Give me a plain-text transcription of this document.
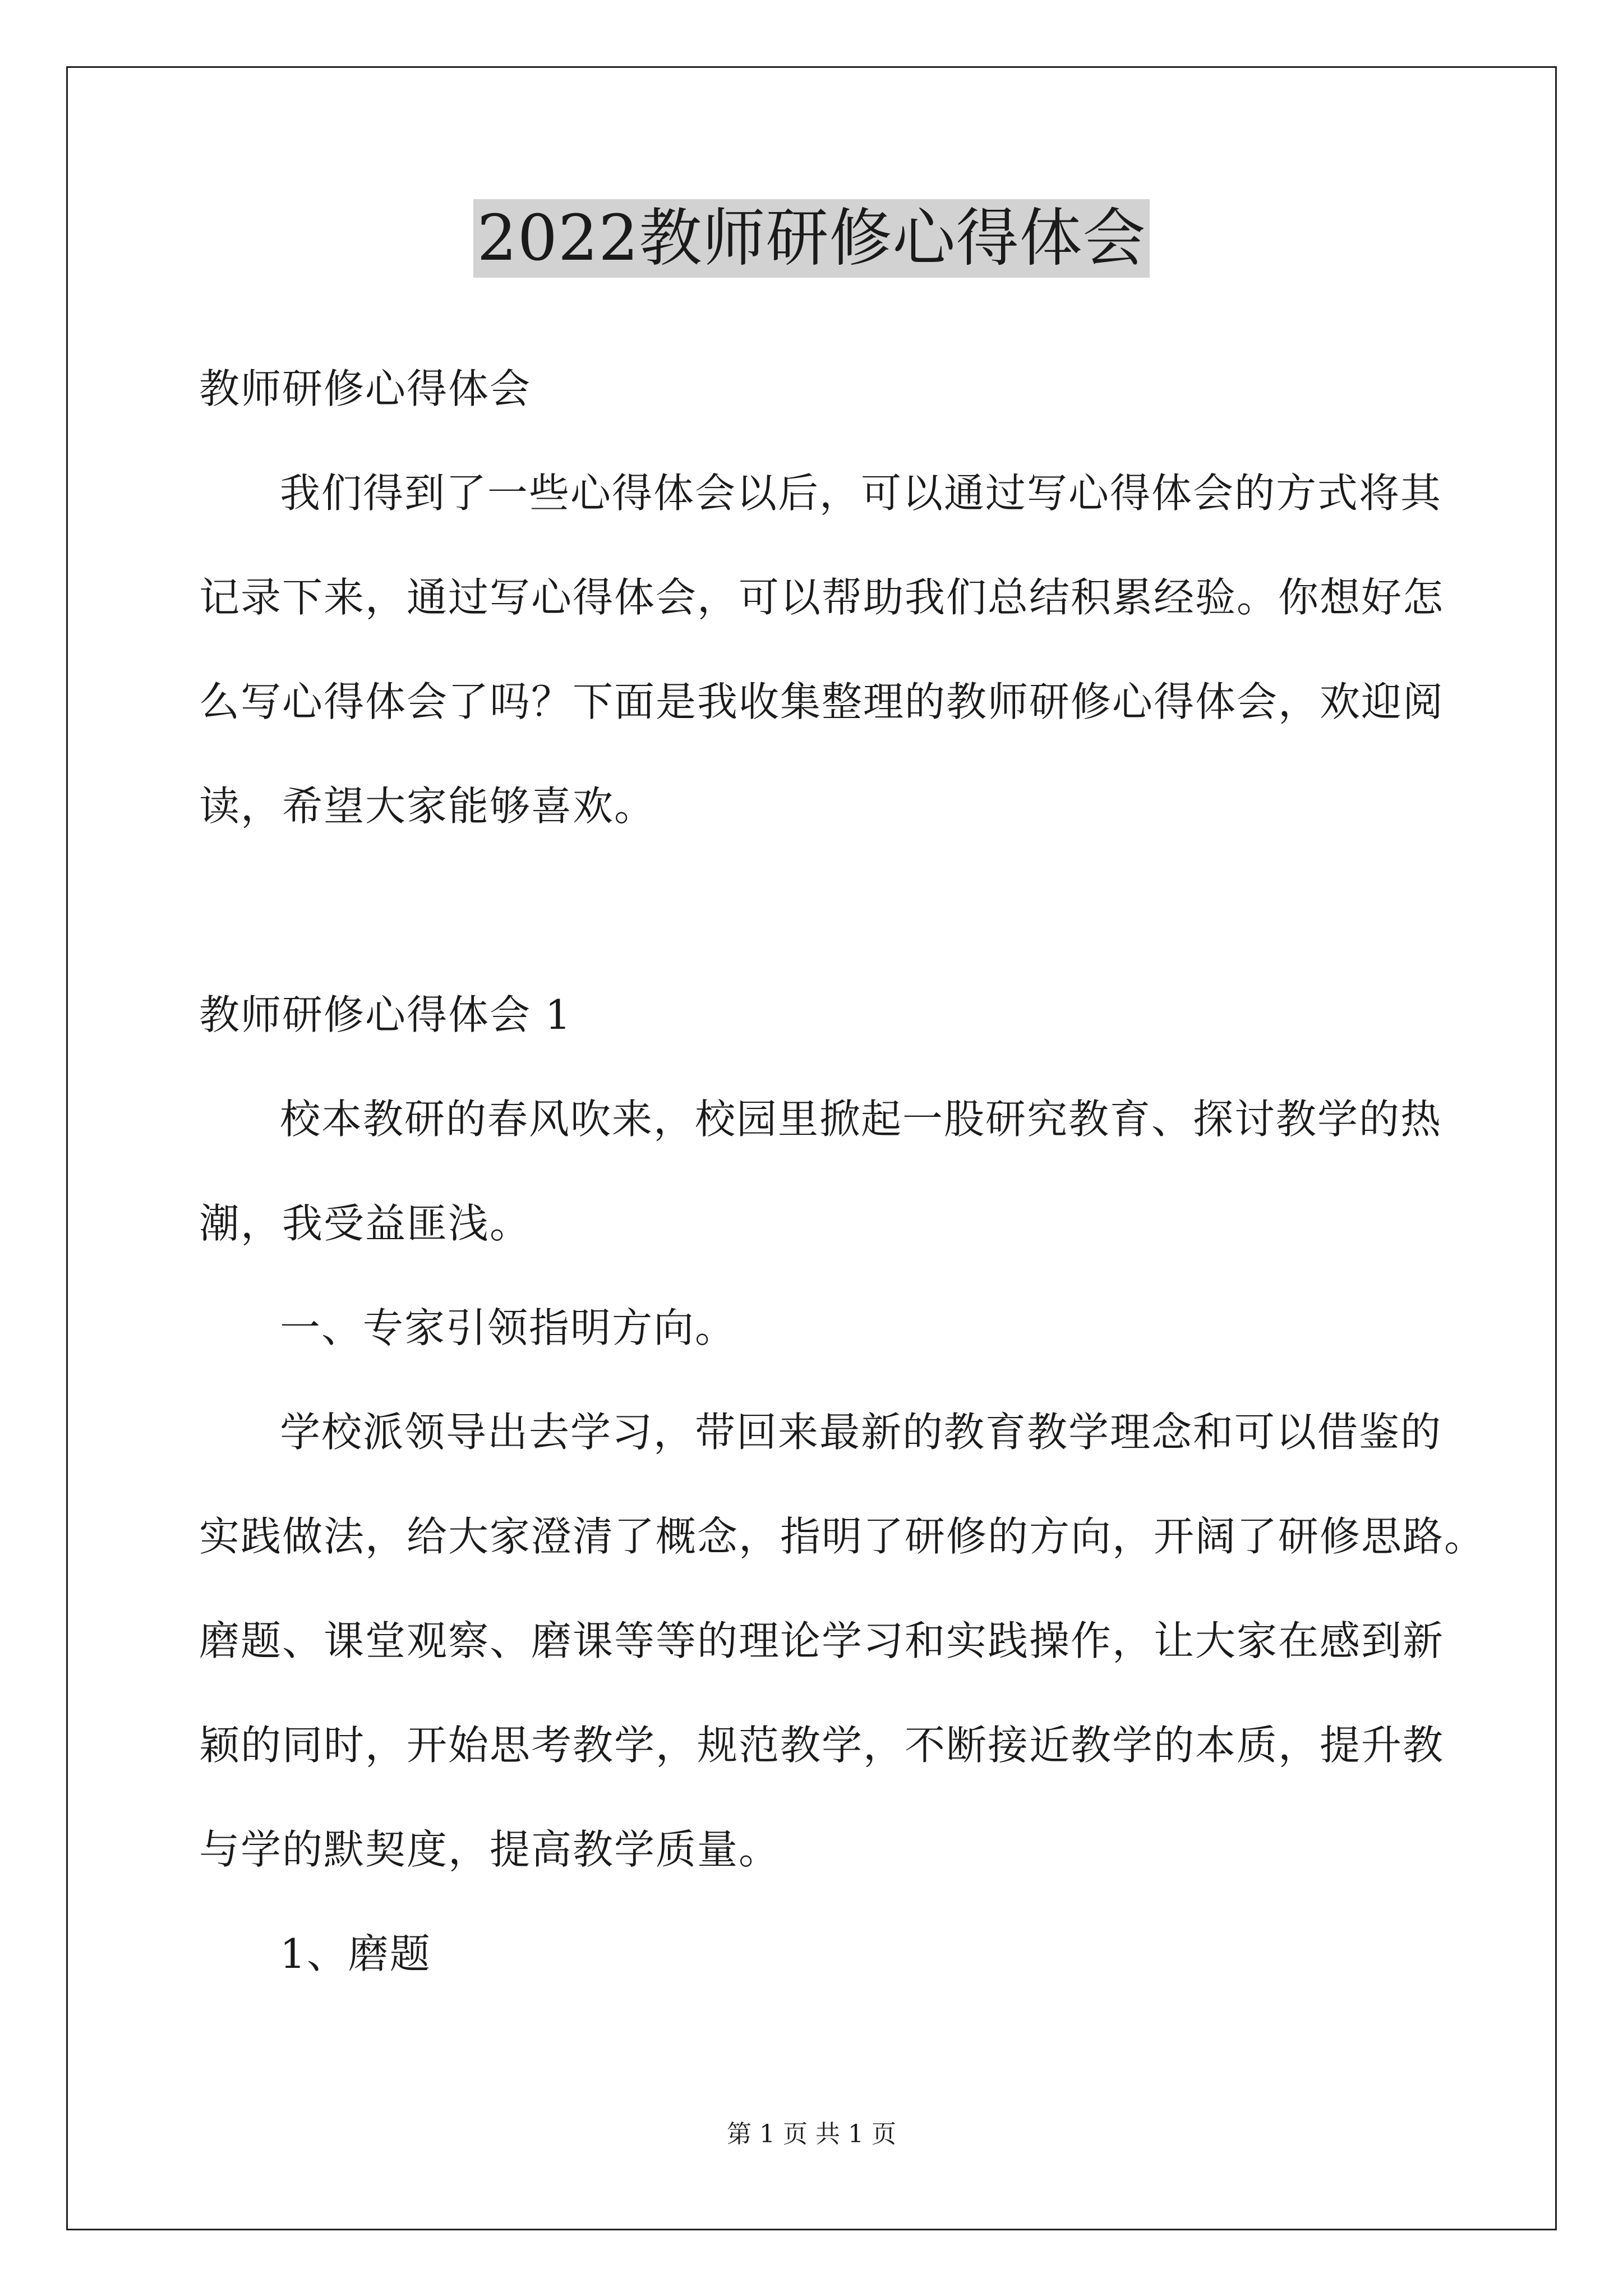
2022教师研修心得体会

教师研修心得体会

我们得到了一些心得体会以后，可以通过写心得体会的方式将其

记录下来，通过写心得体会，可以帮助我们总结积累经验。你想好怎

么写心得体会了吗？下面是我收集整理的教师研修心得体会，欢迎阅

读，希望大家能够喜欢。

教师研修心得体会 1

校本教研的春风吹来，校园里掀起一股研究教育、探讨教学的热

潮，我受益匪浅。

一、专家引领指明方向。

学校派领导出去学习，带回来最新的教育教学理念和可以借鉴的

实践做法，给大家澄清了概念，指明了研修的方向，开阔了研修思路。

磨题、课堂观察、磨课等等的理论学习和实践操作，让大家在感到新

颖的同时，开始思考教学，规范教学，不断接近教学的本质，提升教

与学的默契度，提高教学质量。

1、磨题

第 1 页 共 1 页
